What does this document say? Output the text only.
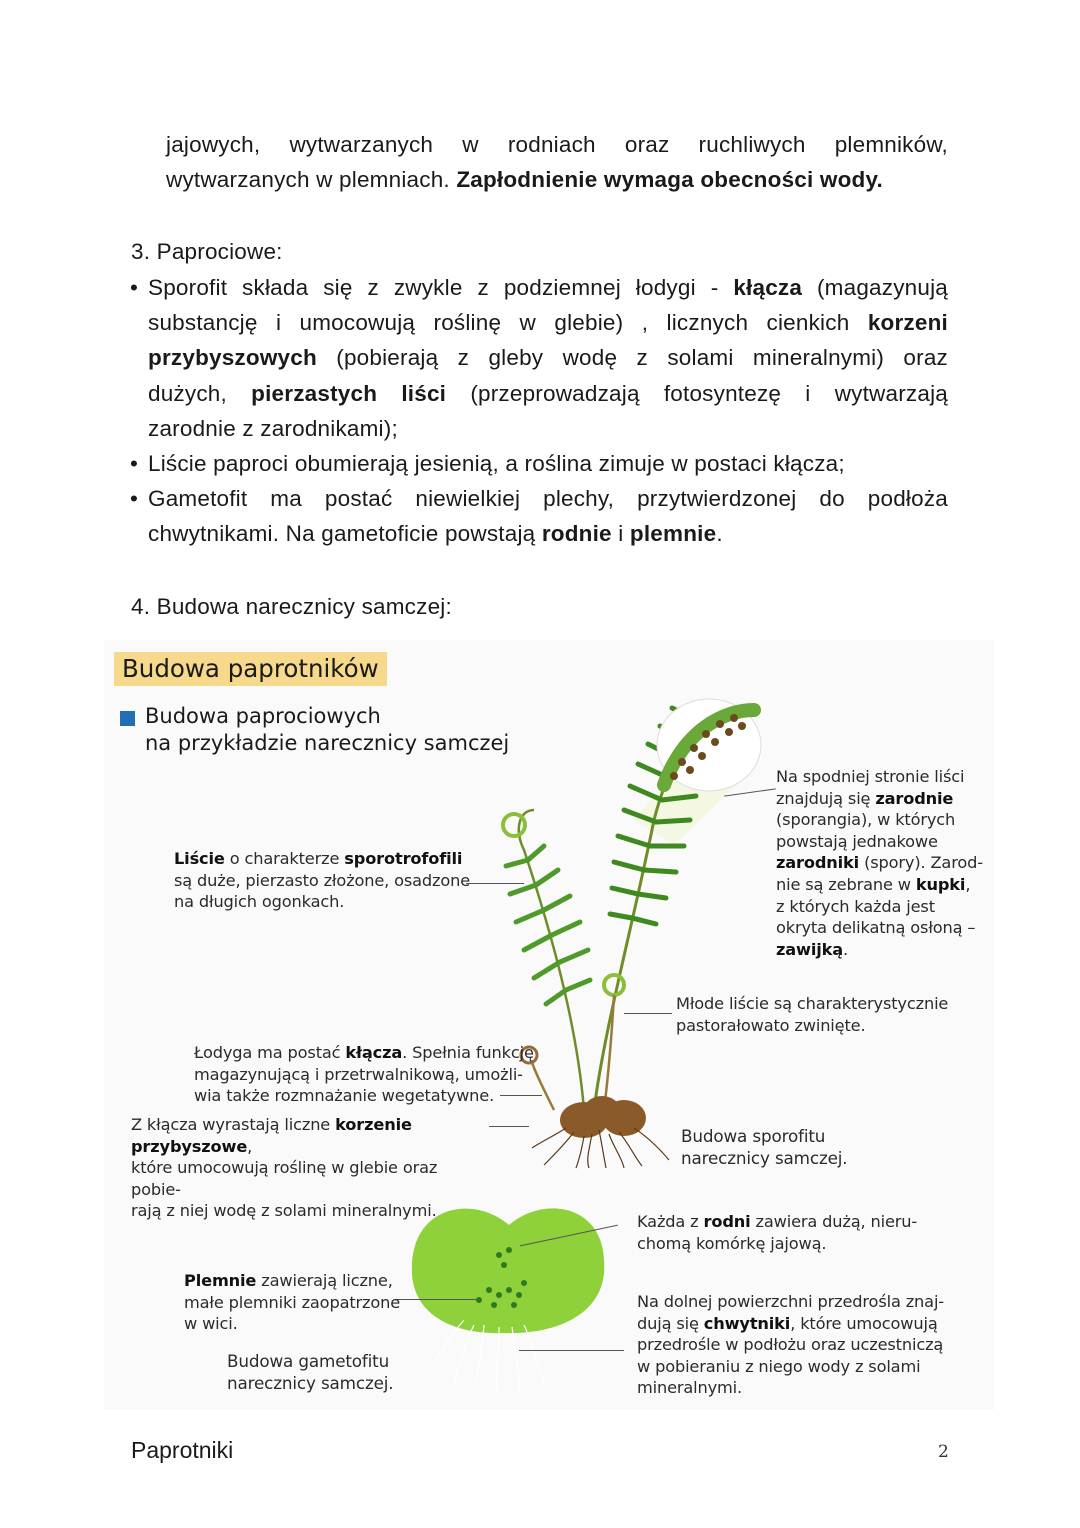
jajowych, wytwarzanych w rodniach oraz ruchliwych plemników,
wytwarzanych w plemniach. Zapłodnienie wymaga obecności wody.
3. Paprociowe:
• Sporofit składa się z zwykle z podziemnej łodygi - kłącza (magazynują
substancję i umocowują roślinę w glebie) , licznych cienkich korzeni
przybyszowych (pobierają z gleby wodę z solami mineralnymi) oraz
dużych, pierzastych liści (przeprowadzają fotosyntezę i wytwarzają
zarodnie z zarodnikami);
• Liście paproci obumierają jesienią, a roślina zimuje w postaci kłącza;
• Gametofit ma postać niewielkiej plechy, przytwierdzonej do podłoża
chwytnikami. Na gametoficie powstają rodnie i plemnie.
4. Budowa narecznicy samczej:
Budowa paprotników
Budowa paprociowych
na przykładzie narecznicy samczej
Liście o charakterze sporotrofofili
są duże, pierzasto złożone, osadzone
na długich ogonkach.
Na spodniej stronie liści
znajdują się zarodnie
(sporangia), w których
powstają jednakowe
zarodniki (spory). Zarod-
nie są zebrane w kupki,
z których każda jest
okryta delikatną osłoną –
zawijką.
Młode liście są charakterystycznie
pastorałowato zwinięte.
Łodyga ma postać kłącza. Spełnia funkcję
magazynującą i przetrwalnikową, umożli-
wia także rozmnażanie wegetatywne.
Z kłącza wyrastają liczne korzenie przybyszowe,
które umocowują roślinę w glebie oraz pobie-
rają z niej wodę z solami mineralnymi.
Budowa sporofitu
narecznicy samczej.
Każda z rodni zawiera dużą, nieru-
chomą komórkę jajową.
Plemnie zawierają liczne,
małe plemniki zaopatrzone
w wici.
Na dolnej powierzchni przedrośla znaj-
dują się chwytniki, które umocowują
przedrośle w podłożu oraz uczestniczą
w pobieraniu z niego wody z solami
mineralnymi.
Budowa gametofitu
narecznicy samczej.
Paprotniki	2
